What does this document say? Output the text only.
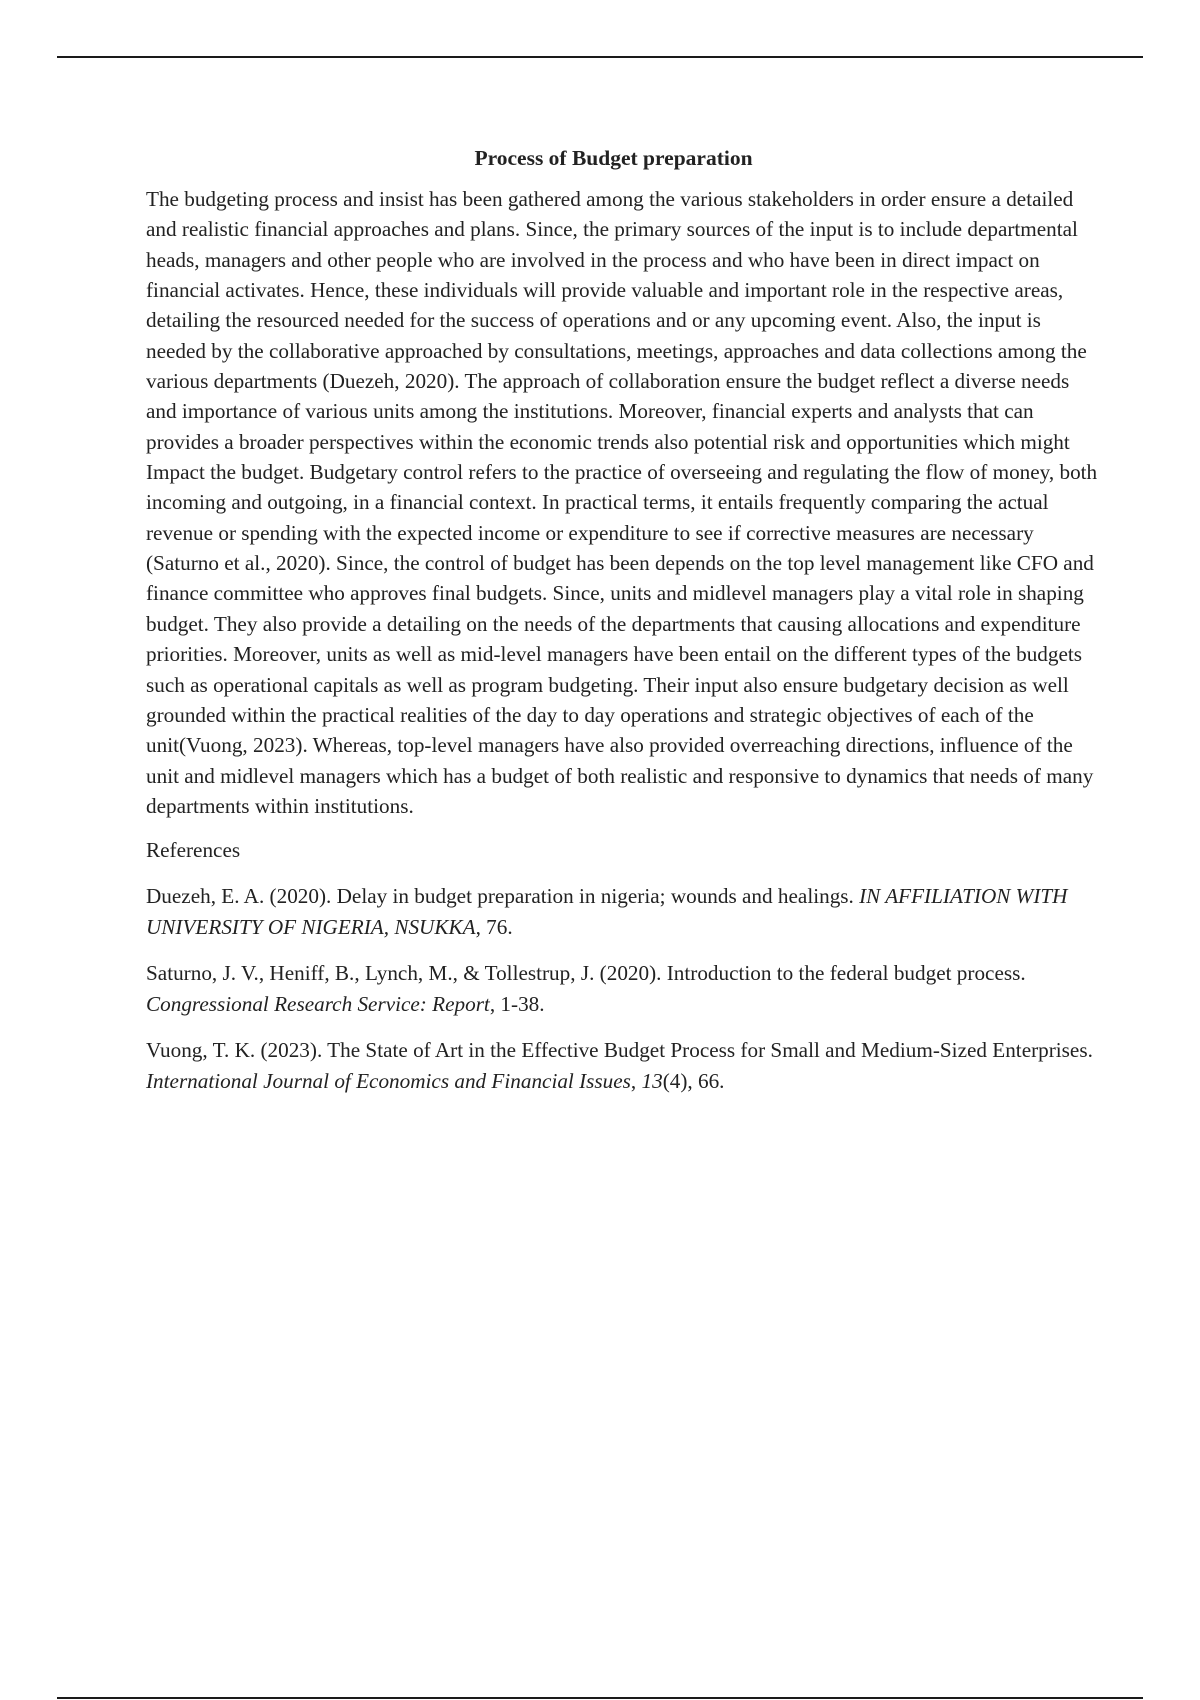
Process of Budget preparation

The budgeting process and insist has been gathered among the various stakeholders in order ensure a detailed and realistic financial approaches and plans. Since, the primary sources of the input is to include departmental heads, managers and other people who are involved in the process and who have been in direct impact on financial activates. Hence, these individuals will provide valuable and important role in the respective areas, detailing the resourced needed for the success of operations and or any upcoming event. Also, the input is needed by the collaborative approached by consultations, meetings, approaches and data collections among the various departments (Duezeh, 2020). The approach of collaboration ensure the budget reflect a diverse needs and importance of various units among the institutions. Moreover, financial experts and analysts that can provides a broader perspectives within the economic trends also potential risk and opportunities which might Impact the budget. Budgetary control refers to the practice of overseeing and regulating the flow of money, both incoming and outgoing, in a financial context. In practical terms, it entails frequently comparing the actual revenue or spending with the expected income or expenditure to see if corrective measures are necessary (Saturno et al., 2020). Since, the control of budget has been depends on the top level management like CFO and finance committee who approves final budgets. Since, units and midlevel managers play a vital role in shaping budget. They also provide a detailing on the needs of the departments that causing allocations and expenditure priorities. Moreover, units as well as mid-level managers have been entail on the different types of the budgets such as operational capitals as well as program budgeting. Their input also ensure budgetary decision as well grounded within the practical realities of the day to day operations and strategic objectives of each of the unit(Vuong, 2023). Whereas, top-level managers have also provided overreaching directions, influence of the unit and midlevel managers which has a budget of both realistic and responsive to dynamics that needs of many departments within institutions.

References

Duezeh, E. A. (2020). Delay in budget preparation in nigeria; wounds and healings. IN AFFILIATION WITH UNIVERSITY OF NIGERIA, NSUKKA, 76.

Saturno, J. V., Heniff, B., Lynch, M., & Tollestrup, J. (2020). Introduction to the federal budget process. Congressional Research Service: Report, 1-38.

Vuong, T. K. (2023). The State of Art in the Effective Budget Process for Small and Medium-Sized Enterprises. International Journal of Economics and Financial Issues, 13(4), 66.
